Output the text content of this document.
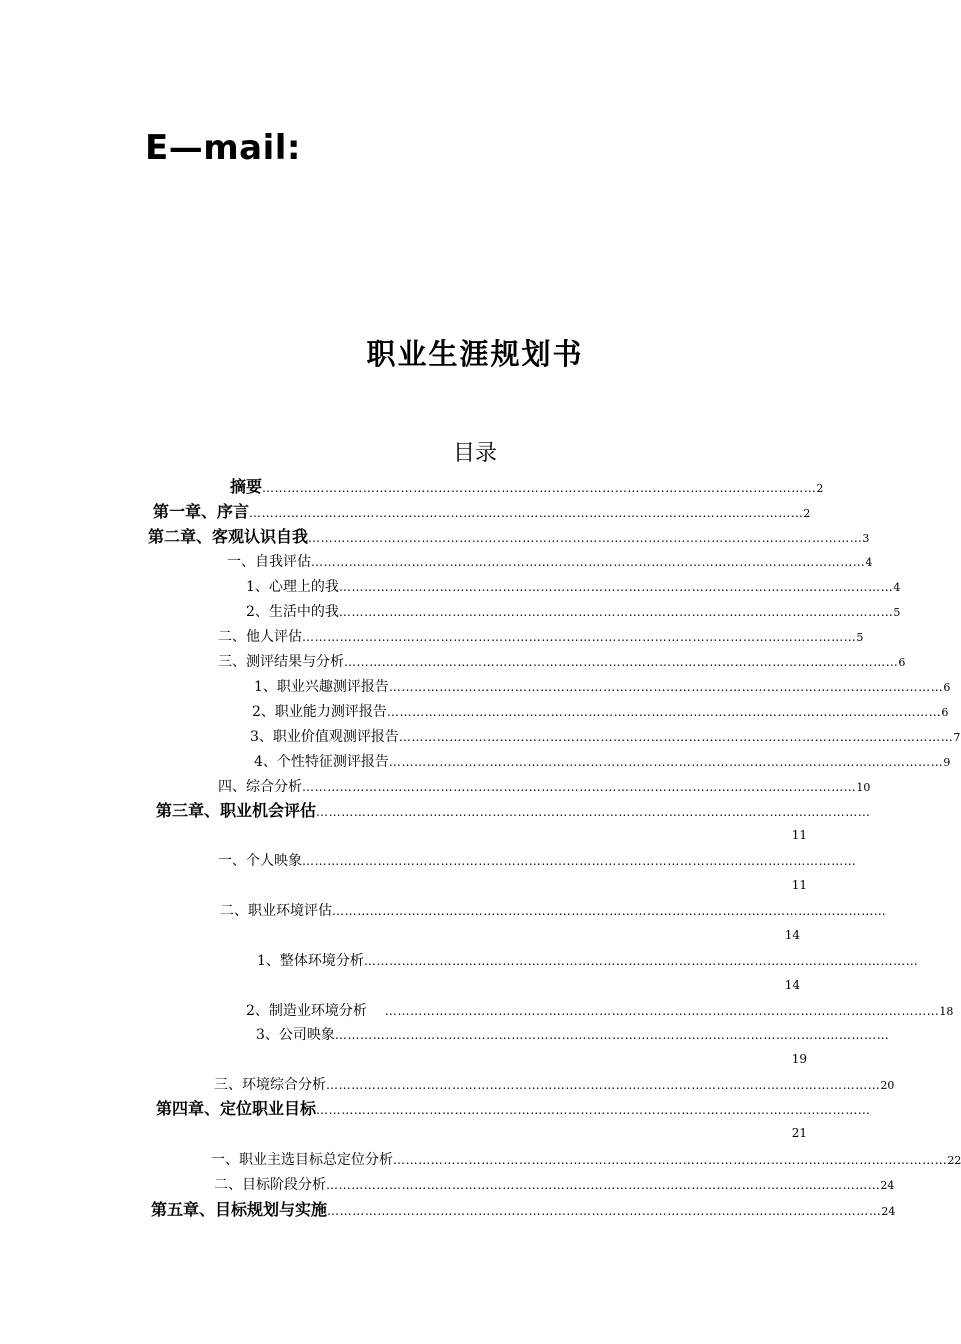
E—mail:
职业生涯规划书
目录
摘要 …………………………………………………………………………………………………………………… 2
第一章、序言 …………………………………………………………………………………………………………………… 2
第二章、客观认识自我 …………………………………………………………………………………………………………………… 3
一、自我评估 …………………………………………………………………………………………………………………… 4
1、心理上的我 …………………………………………………………………………………………………………………… 4
2、生活中的我 …………………………………………………………………………………………………………………… 5
二、他人评估 …………………………………………………………………………………………………………………… 5
三、测评结果与分析 …………………………………………………………………………………………………………………… 6
1、职业兴趣测评报告 …………………………………………………………………………………………………………………… 6
2、职业能力测评报告 …………………………………………………………………………………………………………………… 6
3、职业价值观测评报告 …………………………………………………………………………………………………………………… 7
4、个性特征测评报告 …………………………………………………………………………………………………………………… 9
四、综合分析 …………………………………………………………………………………………………………………… 10
第三章、职业机会评估 ……………………………………………………………………………………………………………………
11
一、个人映象 ……………………………………………………………………………………………………………………
11
二、职业环境评估 ……………………………………………………………………………………………………………………
14
1、整体环境分析 ……………………………………………………………………………………………………………………
14
2、制造业环境分析	…………………………………………………………………………………………………………………… 18
3、公司映象 ……………………………………………………………………………………………………………………
19
三、环境综合分析 …………………………………………………………………………………………………………………… 20
第四章、定位职业目标 ……………………………………………………………………………………………………………………
21
一、职业主选目标总定位分析 …………………………………………………………………………………………………………………… 22
二、目标阶段分析 …………………………………………………………………………………………………………………… 24
第五章、目标规划与实施 …………………………………………………………………………………………………………………… 24
